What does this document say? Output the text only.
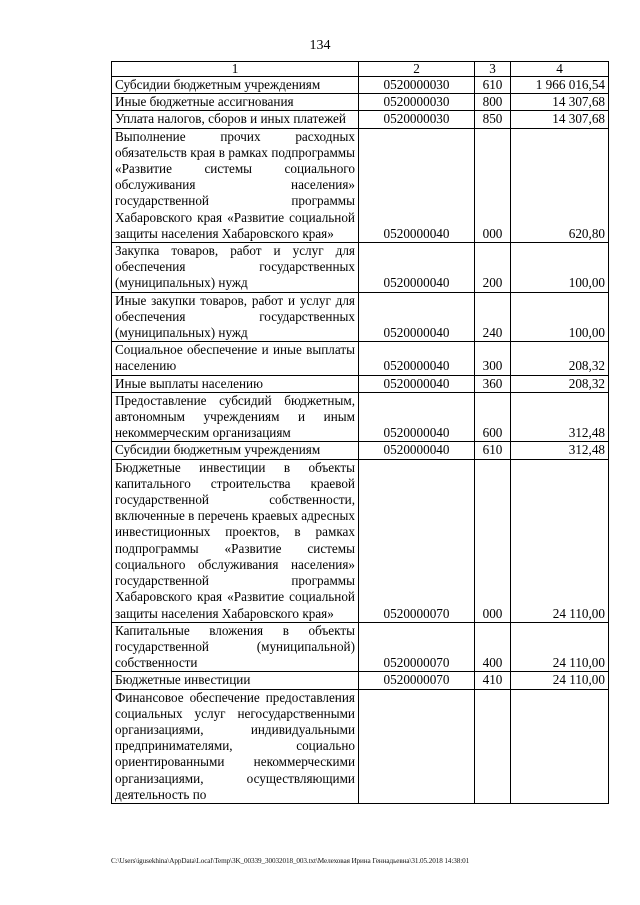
134
1	2	3	4
Субсидии бюджетным учреждениям	0520000030	610	1 966 016,54
Иные бюджетные ассигнования	0520000030	800	14 307,68
Уплата налогов, сборов и иных платежей	0520000030	850	14 307,68
Выполнение прочих расходных обязательств края в рамках подпрограммы «Развитие системы социального обслуживания населения» государственной программы Хабаровского края «Развитие социальной защиты населения Хабаровского края»	0520000040	000	620,80
Закупка товаров, работ и услуг для обеспечения государственных (муниципальных) нужд	0520000040	200	100,00
Иные закупки товаров, работ и услуг для обеспечения государственных (муниципальных) нужд	0520000040	240	100,00
Социальное обеспечение и иные выплаты населению	0520000040	300	208,32
Иные выплаты населению	0520000040	360	208,32
Предоставление субсидий бюджетным, автономным учреждениям и иным некоммерческим организациям	0520000040	600	312,48
Субсидии бюджетным учреждениям	0520000040	610	312,48
Бюджетные инвестиции в объекты капитального строительства краевой государственной собственности, включенные в перечень краевых адресных инвестиционных проектов, в рамках подпрограммы «Развитие системы социального обслуживания населения» государственной программы Хабаровского края «Развитие социальной защиты населения Хабаровского края»	0520000070	000	24 110,00
Капитальные вложения в объекты государственной (муниципальной) собственности	0520000070	400	24 110,00
Бюджетные инвестиции	0520000070	410	24 110,00
Финансовое обеспечение предоставления социальных услуг негосударственными организациями, индивидуальными предпринимателями, социально ориентированными некоммерческими организациями, осуществляющими деятельность по			
C:\Users\igusekhina\AppData\Local\Temp\3K_00339_30032018_003.txt\Мелеховая Ирина Геннадьевна\31.05.2018 14:38:01
